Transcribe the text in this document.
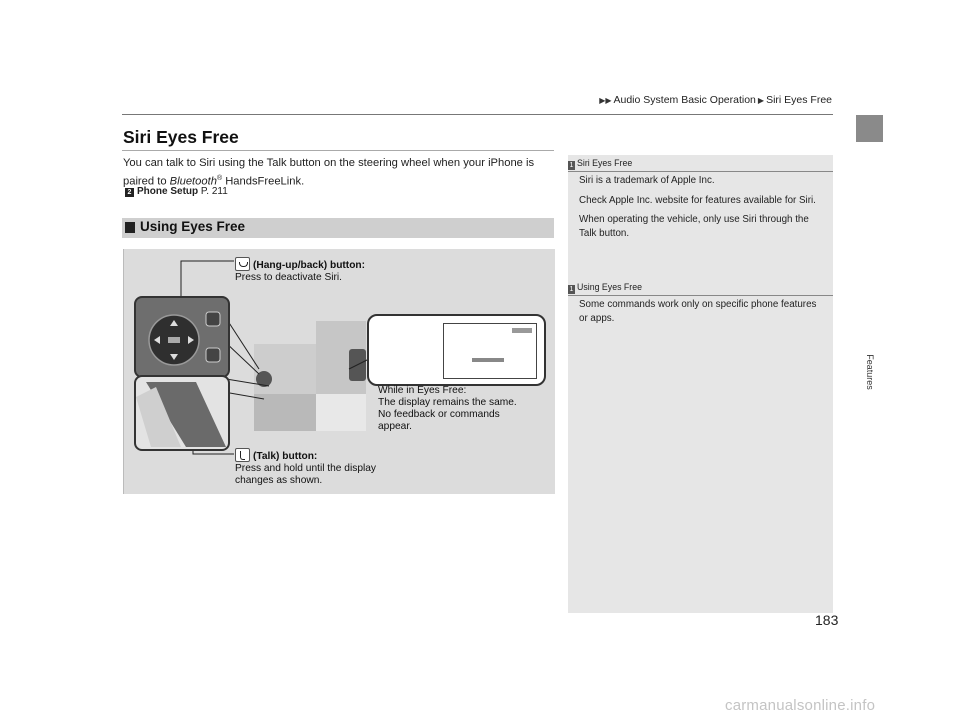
▶▶ Audio System Basic Operation ▶ Siri Eyes Free
Features
Siri Eyes Free
You can talk to Siri using the Talk button on the steering wheel when your iPhone is paired to Bluetooth® HandsFreeLink.
2 Phone Setup P. 211
Using Eyes Free
(Hang-up/back) button:
Press to deactivate Siri.

While in Eyes Free:
The display remains the same.
No feedback or commands
appear.
(Talk) button:
Press and hold until the display
changes as shown.
1 Siri Eyes Free

Siri is a trademark of Apple Inc.

Check Apple Inc. website for features available for Siri.

When operating the vehicle, only use Siri through the Talk button.

1 Using Eyes Free

Some commands work only on specific phone features or apps.

183
carmanualsonline.info
